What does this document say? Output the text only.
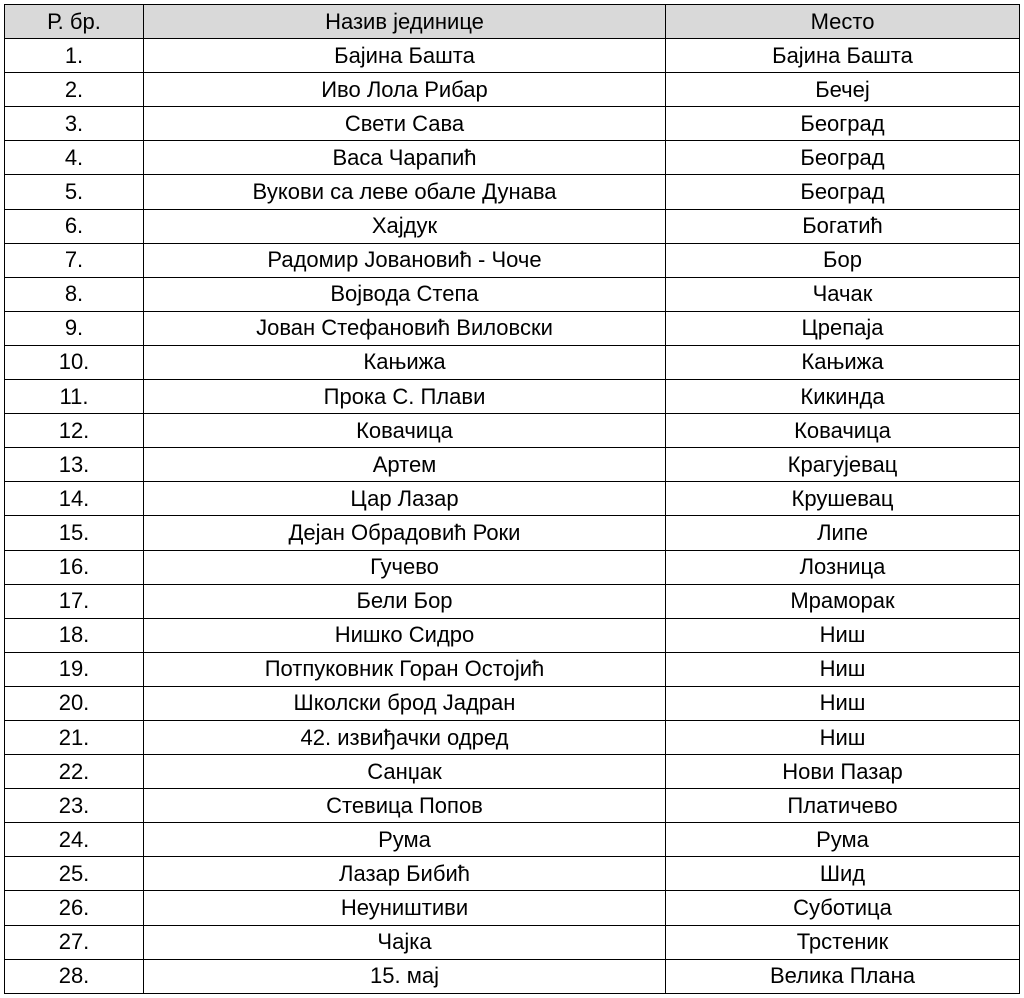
Р. бр.	Назив јединице	Место
1.	Бајина Башта	Бајина Башта
2.	Иво Лола Рибар	Бечеј
3.	Свети Сава	Београд
4.	Васа Чарапић	Београд
5.	Вукови са леве обале Дунава	Београд
6.	Хајдук	Богатић
7.	Радомир Јовановић - Чоче	Бор
8.	Војвода Степа	Чачак
9.	Јован Стефановић Виловски	Црепаја
10.	Кањижа	Кањижа
11.	Прока С. Плави	Кикинда
12.	Ковачица	Ковачица
13.	Артем	Крагујевац
14.	Цар Лазар	Крушевац
15.	Дејан Обрадовић Роки	Липе
16.	Гучево	Лозница
17.	Бели Бор	Мраморак
18.	Нишко Сидро	Ниш
19.	Потпуковник Горан Остојић	Ниш
20.	Школски брод Јадран	Ниш
21.	42. извиђачки одред	Ниш
22.	Санџак	Нови Пазар
23.	Стевица Попов	Платичево
24.	Рума	Рума
25.	Лазар Бибић	Шид
26.	Неуништиви	Суботица
27.	Чајка	Трстеник
28.	15. мај	Велика Плана
